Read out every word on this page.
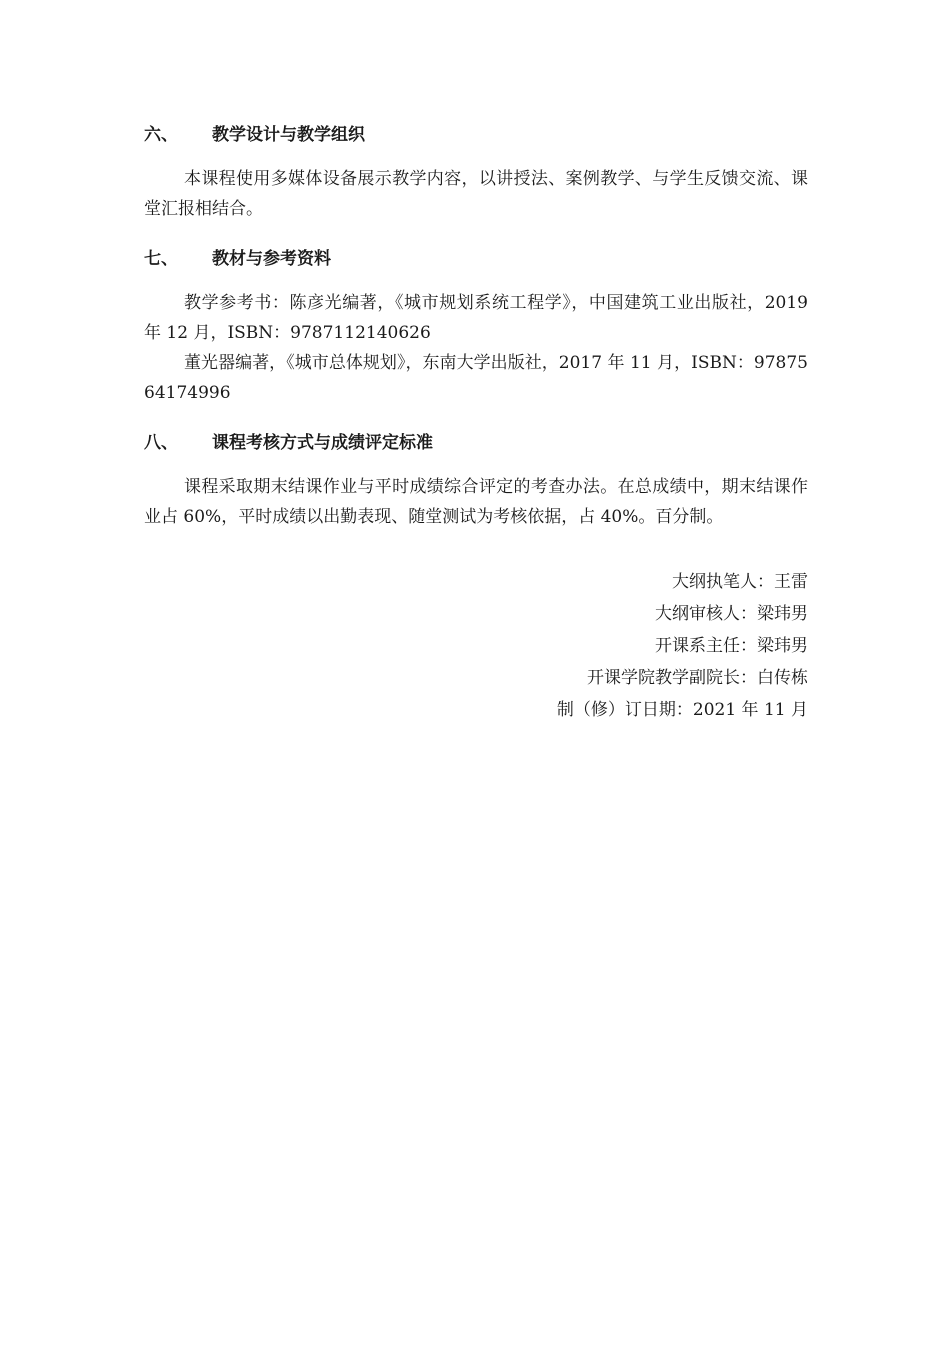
六、	教学设计与教学组织

本课程使用多媒体设备展示教学内容，以讲授法、案例教学、与学生反馈交流、课堂汇报相结合。

七、	教材与参考资料

教学参考书：陈彦光编著，《城市规划系统工程学》，中国建筑工业出版社，2019 年 12 月，ISBN：9787112140626

董光器编著，《城市总体规划》，东南大学出版社，2017 年 11 月，ISBN：9787564174996

八、	课程考核方式与成绩评定标准

课程采取期末结课作业与平时成绩综合评定的考查办法。在总成绩中，期末结课作业占 60%，平时成绩以出勤表现、随堂测试为考核依据，占 40%。百分制。

大纲执笔人：王雷
大纲审核人：梁玮男
开课系主任：梁玮男
开课学院教学副院长：白传栋
制（修）订日期：2021 年 11 月
